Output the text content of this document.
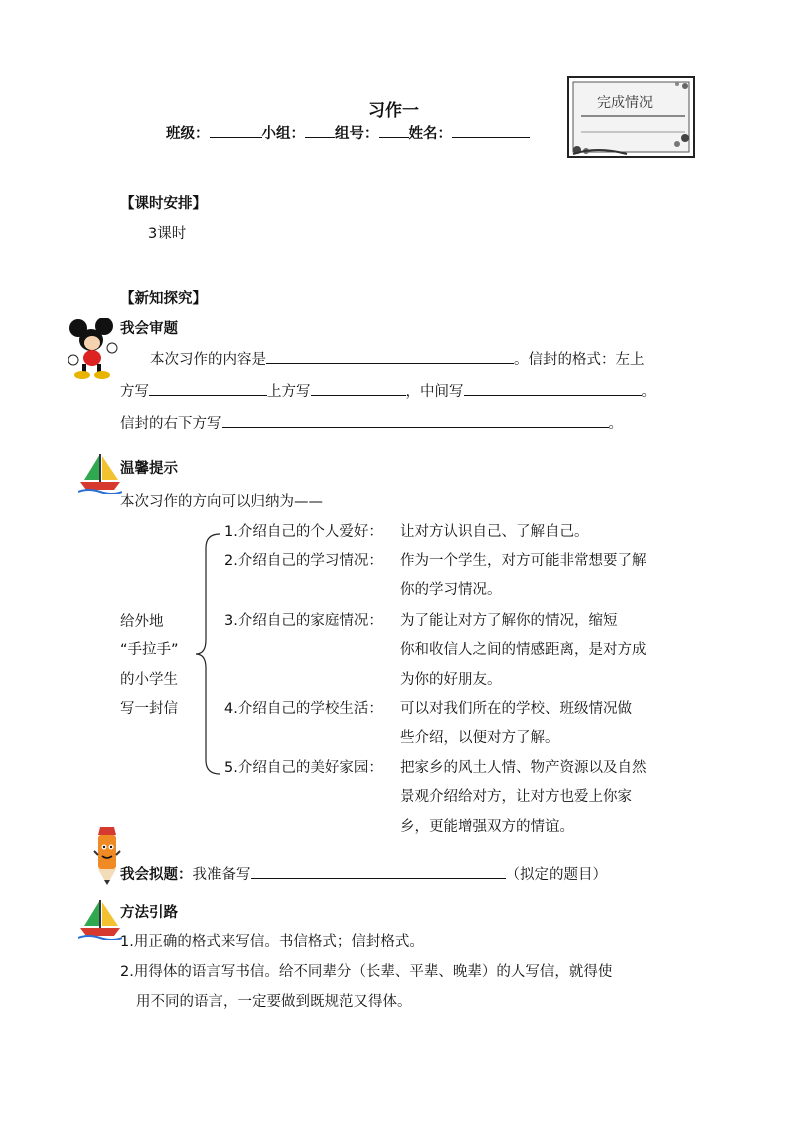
习作一
班级：	小组： 组号： 姓名：
完成情况
【课时安排】
3课时
【新知探究】
我会审题
本次习作的内容是	。信封的格式：左上
方写	上方写	，中间写	。
信封的右下方写	。
温馨提示
本次习作的方向可以归纳为——
给外地
“手拉手”
的小学生
写一封信
1.介绍自己的个人爱好： 让对方认识自己、了解自己。
2.介绍自己的学习情况： 作为一个学生，对方可能非常想要了解
你的学习情况。
3.介绍自己的家庭情况： 为了能让对方了解你的情况，缩短
你和收信人之间的情感距离，是对方成
为你的好朋友。
4.介绍自己的学校生活： 可以对我们所在的学校、班级情况做
些介绍，以便对方了解。
5.介绍自己的美好家园： 把家乡的风土人情、物产资源以及自然
景观介绍给对方，让对方也爱上你家
乡，更能增强双方的情谊。
我会拟题：我准备写	（拟定的题目）
方法引路
1.用正确的格式来写信。书信格式；信封格式。
2.用得体的语言写书信。给不同辈分（长辈、平辈、晚辈）的人写信，就得使
用不同的语言，一定要做到既规范又得体。
